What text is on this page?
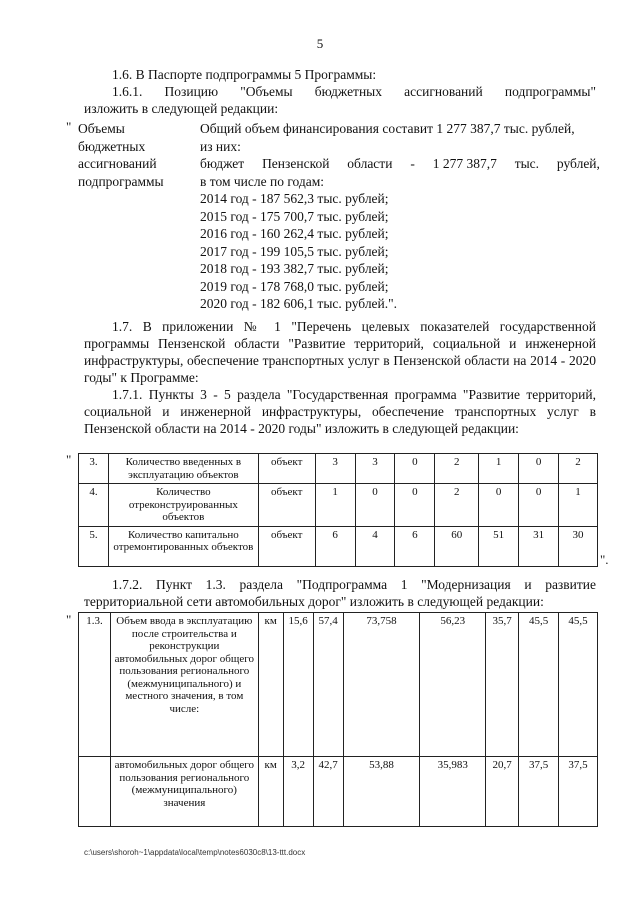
5
1.6. В Паспорте подпрограммы 5 Программы:
1.6.1. Позицию "Объемы бюджетных ассигнований подпрограммы"
изложить в следующей редакции:
" Объемы
бюджетных
ассигнований
подпрограммы
Общий объем финансирования составит 1 277 387,7 тыс. рублей,
из них:
бюджет Пензенской области - 1 277 387,7 тыс. рублей,
в том числе по годам:
2014 год - 187 562,3 тыс. рублей;
2015 год - 175 700,7 тыс. рублей;
2016 год - 160 262,4 тыс. рублей;
2017 год - 199 105,5 тыс. рублей;
2018 год - 193 382,7 тыс. рублей;
2019 год - 178 768,0 тыс. рублей;
2020 год - 182 606,1 тыс. рублей.".
1.7. В приложении № 1 "Перечень целевых показателей государственной программы Пензенской области "Развитие территорий, социальной и инженерной инфраструктуры, обеспечение транспортных услуг в Пензенской области на 2014 - 2020 годы" к Программе:
1.7.1. Пункты 3 - 5 раздела "Государственная программа "Развитие территорий, социальной и инженерной инфраструктуры, обеспечение транспортных услуг в Пензенской области на 2014 - 2020 годы" изложить в следующей редакции:
" 3.	Количество введенных в эксплуатацию объектов	объект	3	3	0	2	1	0	2
4.	Количество отреконструированных объектов	объект	1	0	0	2	0	0	1
5.	Количество капитально отремонтированных объектов	объект	6	4	6	60	51	31	30
".
1.7.2. Пункт 1.3. раздела "Подпрограмма 1 "Модернизация и развитие территориальной сети автомобильных дорог" изложить в следующей редакции:
" 1.3.	Объем ввода в эксплуатацию после строительства и реконструкции автомобильных дорог общего пользования регионального (межмуниципального) и местного значения, в том числе:	км	15,6	57,4	73,758	56,23	35,7	45,5	45,5
	автомобильных дорог общего пользования регионального (межмуниципального) значения	км	3,2	42,7	53,88	35,983	20,7	37,5	37,5
c:\users\shoroh~1\appdata\local\temp\notes6030c8\13-ttt.docx
